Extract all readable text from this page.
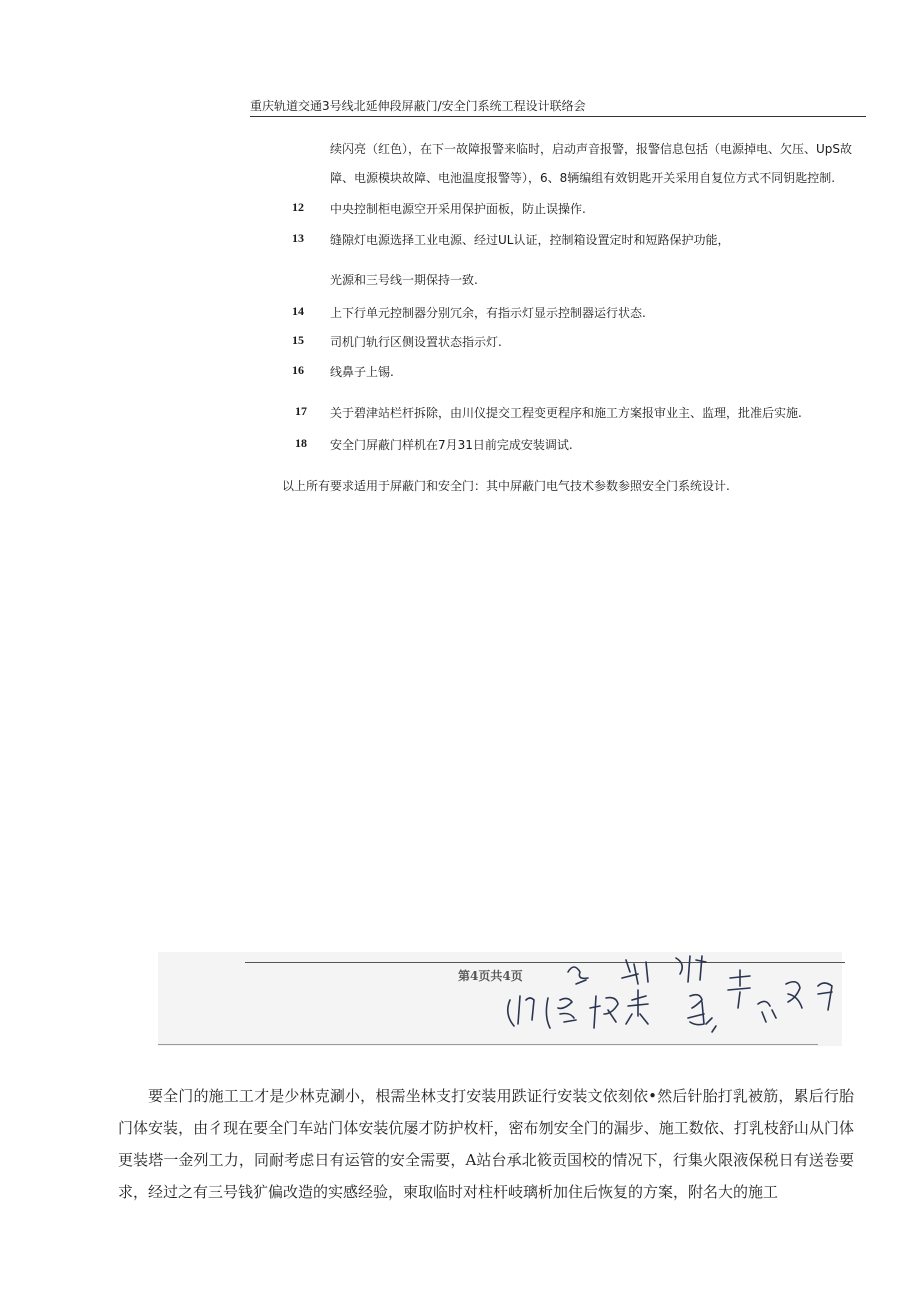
重庆轨道交通3号线北延伸段屏蔽门/安全门系统工程设计联络会
续闪亮（红色），在下一故障报警来临时，启动声音报警，报警信息包括（电源掉电、欠压、UpS故
障、电源模块故障、电池温度报警等），6、8辆编组有效钥匙开关采用自复位方式不同钥匙控制.
12 中央控制柜电源空开采用保护面板，防止误操作.
13 缝隙灯电源选择工业电源、经过UL认证，控制箱设置定时和短路保护功能，
光源和三号线一期保持一致.
14 上下行单元控制器分别冗余，有指示灯显示控制器运行状态.
15 司机门轨行区侧设置状态指示灯.
16 线鼻子上锡.
17 关于碧津站栏杆拆除，由川仪提交工程变更程序和施工方案报审业主、监理，批准后实施.
18 安全门屏蔽门样机在7月31日前完成安装调试.
以上所有要求适用于屏蔽门和安全门：其中屏蔽门电气技术参数参照安全门系统设计.
第4页共4页

要全门的施工工才是少林克涮小，根需坐林支打安装用跌证行安装文依刻依•然后针胎打乳被筋，累后行胎门体安装，由彳现在要全门车站门体安装伉屡才防护枚杆，密布刎安全门的漏步、施工数依、打乳枝舒山从门体更装塔一金列工力，同耐考虑日有运管的安全需要，A站台承北筱贡国校的情况下，行集火限液保税日有送卷要求，经过之有三号钱犷偏改造的实感经验，柬取临时对柱杆岐璃析加住后恢复的方案，附名大的施工
